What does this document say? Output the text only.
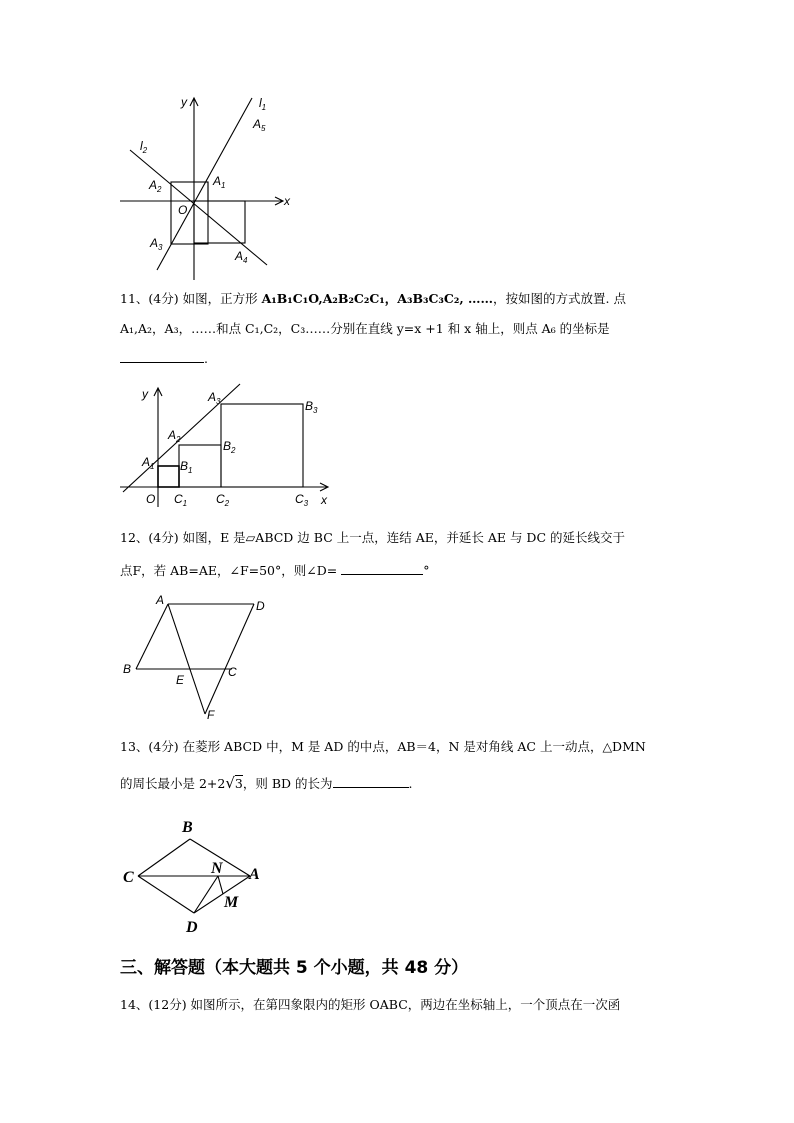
y
x
$l_1$
$l_2$
$A_5$
$A_2$
$A_1$
O
$A_3$
$A_4$
11、(4分) 如图，正方形 A₁B₁C₁O,A₂B₂C₂C₁，A₃B₃C₃C₂, ……，按如图的方式放置. 点
A₁,A₂，A₃，……和点 C₁,C₂，C₃……分别在直线 y=x +1 和 x 轴上，则点 A₆ 的坐标是
.
y
x
O
$A_1$ $B_1$
$C_1$
$A_2$	$B_2$
$C_2$
$A_3$	$B_3$
$C_3$
12、(4分) 如图，E 是▱ABCD 边 BC 上一点，连结 AE，并延长 AE 与 DC 的延长线交于
点F，若 AB=AE，∠F=50°，则∠D=	°
A	D
B
E
C
F
13、(4分) 在菱形 ABCD 中，M 是 AD 的中点，AB＝4，N 是对角线 AC 上一动点，△DMN
的周长最小是 2+2√3，则 BD 的长为	.
B
C
N A
M
D
三、解答题（本大题共 5 个小题，共 48 分）
14、(12分) 如图所示，在第四象限内的矩形 OABC，两边在坐标轴上，一个顶点在一次函
